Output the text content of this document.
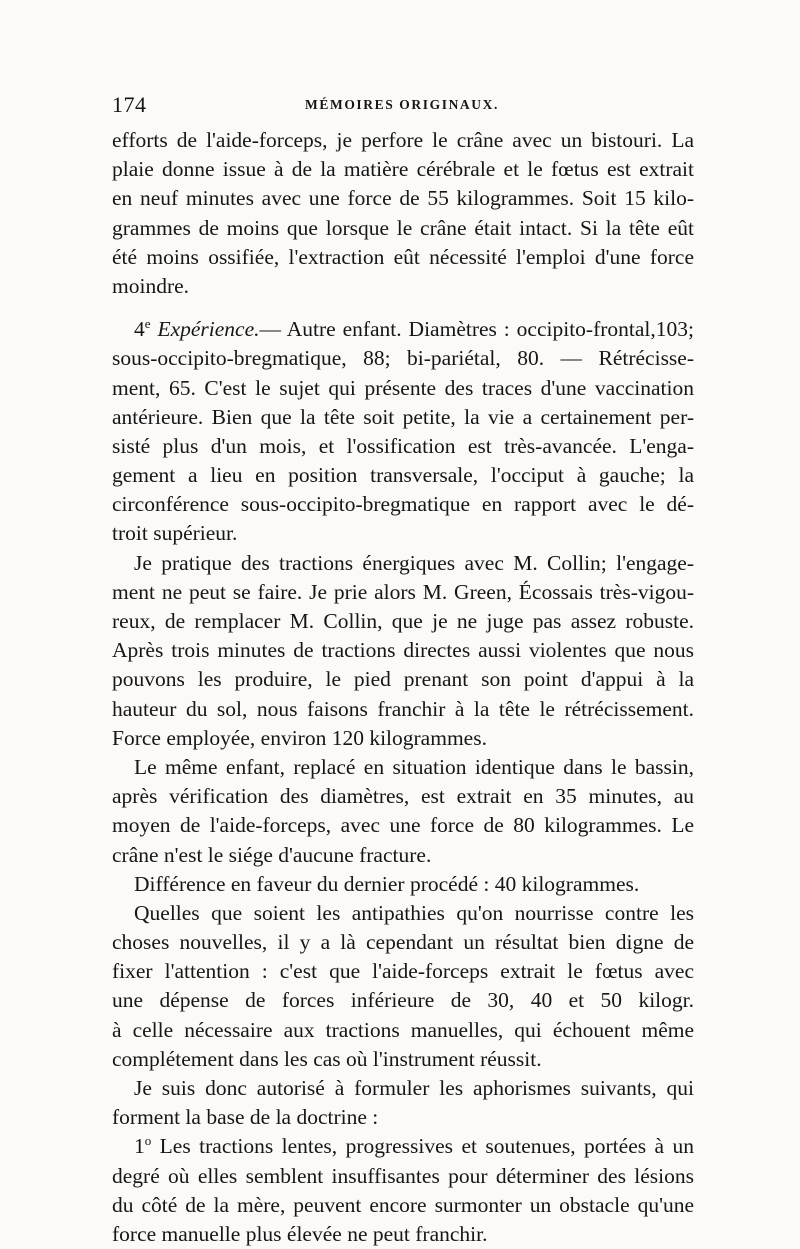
174	MÉMOIRES ORIGINAUX.
efforts de l'aide-forceps, je perfore le crâne avec un bistouri. La
plaie donne issue à de la matière cérébrale et le fœtus est extrait
en neuf minutes avec une force de 55 kilogrammes. Soit 15 kilo-
grammes de moins que lorsque le crâne était intact. Si la tête eût
été moins ossifiée, l'extraction eût nécessité l'emploi d'une force
moindre.
4e Expérience.— Autre enfant. Diamètres : occipito-frontal,103;
sous-occipito-bregmatique, 88; bi-pariétal, 80. — Rétrécisse-
ment, 65. C'est le sujet qui présente des traces d'une vaccination
antérieure. Bien que la tête soit petite, la vie a certainement per-
sisté plus d'un mois, et l'ossification est très-avancée. L'enga-
gement a lieu en position transversale, l'occiput à gauche; la
circonférence sous-occipito-bregmatique en rapport avec le dé-
troit supérieur.
Je pratique des tractions énergiques avec M. Collin; l'engage-
ment ne peut se faire. Je prie alors M. Green, Écossais très-vigou-
reux, de remplacer M. Collin, que je ne juge pas assez robuste.
Après trois minutes de tractions directes aussi violentes que nous
pouvons les produire, le pied prenant son point d'appui à la
hauteur du sol, nous faisons franchir à la tête le rétrécissement.
Force employée, environ 120 kilogrammes.
Le même enfant, replacé en situation identique dans le bassin,
après vérification des diamètres, est extrait en 35 minutes, au
moyen de l'aide-forceps, avec une force de 80 kilogrammes. Le
crâne n'est le siége d'aucune fracture.
Différence en faveur du dernier procédé : 40 kilogrammes.
Quelles que soient les antipathies qu'on nourrisse contre les
choses nouvelles, il y a là cependant un résultat bien digne de
fixer l'attention : c'est que l'aide-forceps extrait le fœtus avec
une dépense de forces inférieure de 30, 40 et 50 kilogr.
à celle nécessaire aux tractions manuelles, qui échouent même
complétement dans les cas où l'instrument réussit.
Je suis donc autorisé à formuler les aphorismes suivants, qui
forment la base de la doctrine :
1$^o$ Les tractions lentes, progressives et soutenues, portées à un
degré où elles semblent insuffisantes pour déterminer des lésions
du côté de la mère, peuvent encore surmonter un obstacle qu'une
force manuelle plus élevée ne peut franchir.
